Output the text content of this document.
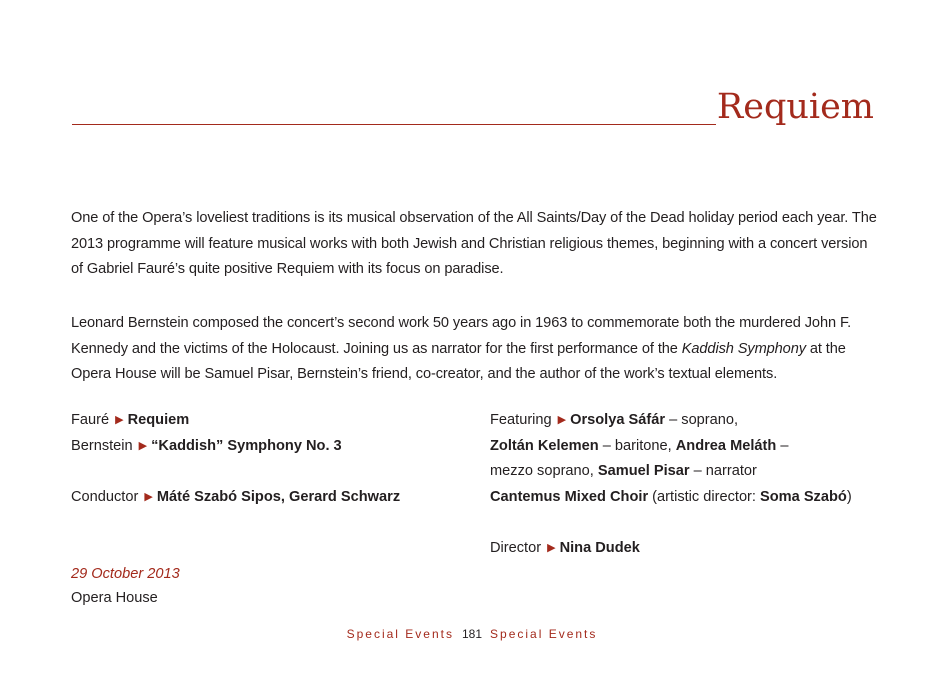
Requiem
One of the Opera’s loveliest traditions is its musical observation of the All Saints/Day of the Dead holiday period each year. The 2013 programme will feature musical works with both Jewish and Christian religious themes, beginning with a concert version of Gabriel Fauré’s quite positive Requiem with its focus on paradise.
Leonard Bernstein composed the concert’s second work 50 years ago in 1963 to commemorate both the murdered John F. Kennedy and the victims of the Holocaust. Joining us as narrator for the first performance of the Kaddish Symphony at the Opera House will be Samuel Pisar, Bernstein’s friend, co-creator, and the author of the work’s textual elements.
Fauré ▶ Requiem
Bernstein ▶ “Kaddish” Symphony No. 3
Conductor ▶ Máté Szabó Sipos, Gerard Schwarz
Featuring ▶ Orsolya Sáfár – soprano,
Zoltán Kelemen – baritone, Andrea Meláth –
mezzo soprano, Samuel Pisar – narrator
Cantemus Mixed Choir (artistic director: Soma Szabó)
Director ▶ Nina Dudek
29 October 2013
Opera House
Special Events 181 Special Events
